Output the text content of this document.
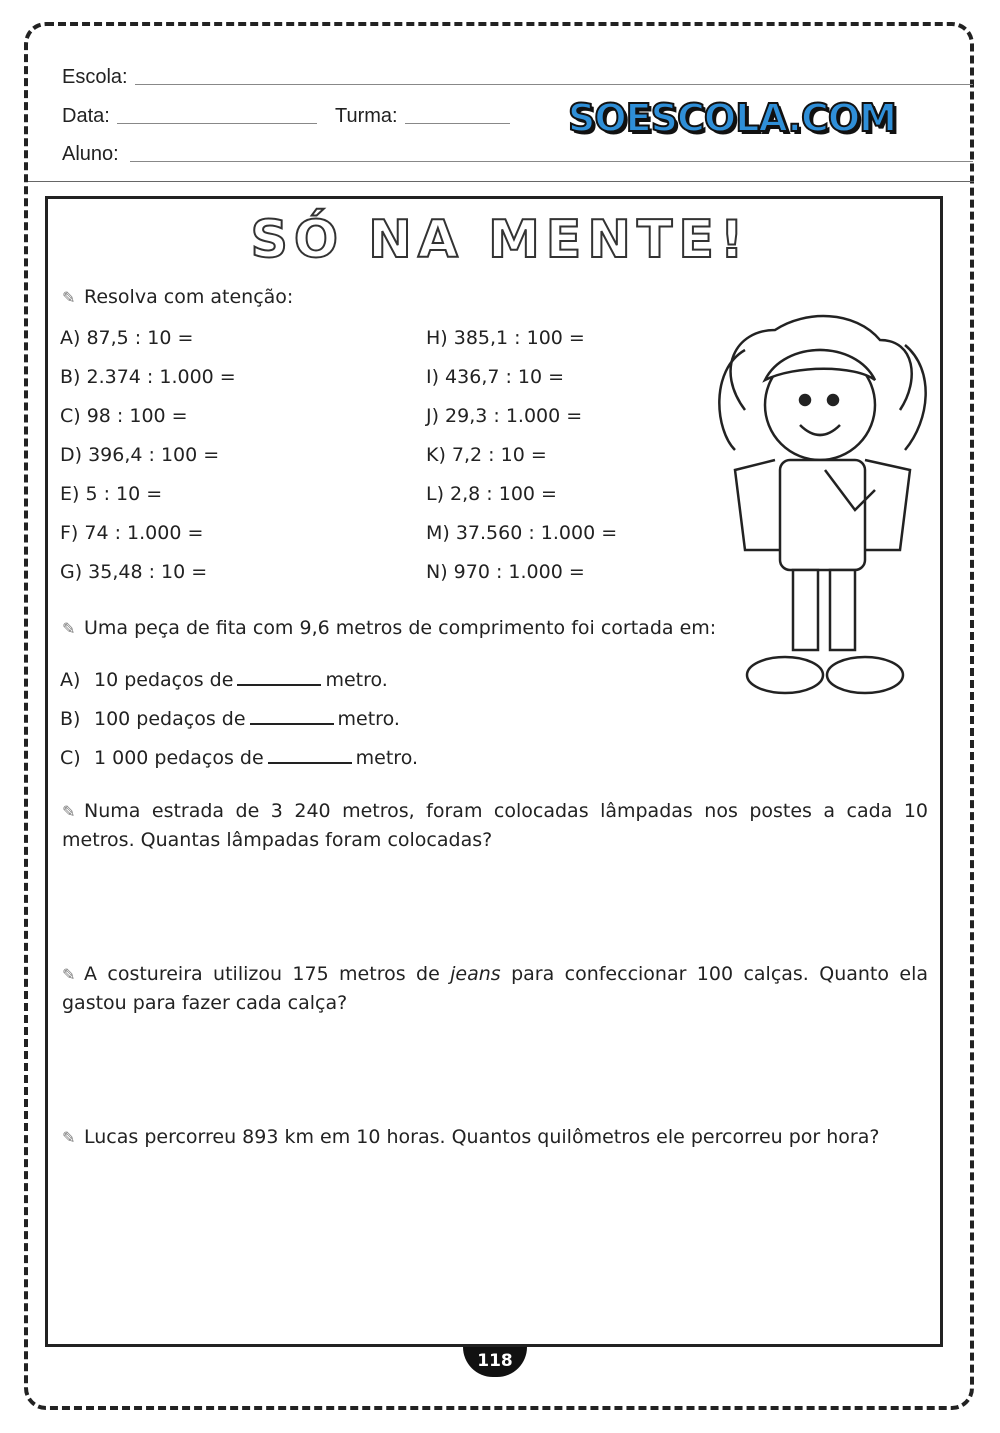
Escola:
Data:	Turma:
Aluno:
SOESCOLA.COM
SÓ NA MENTE!
✎ Resolva com atenção:
✎ Uma peça de fita com 9,6 metros de comprimento foi cortada em:
✎ Numa estrada de 3 240 metros, foram colocadas lâmpadas nos postes a cada 10 metros. Quantas lâmpadas foram colocadas?
✎ A costureira utilizou 175 metros de jeans para confeccionar 100 calças. Quanto ela gastou para fazer cada calça?
✎ Lucas percorreu 893 km em 10 horas. Quantos quilômetros ele percorreu por hora?
118
A) 87,5 : 10 =
B) 2.374 : 1.000 =
C) 98 : 100 =
D) 396,4 : 100 =
E) 5 : 10 =
F) 74 : 1.000 =
G) 35,48 : 10 =
H) 385,1 : 100 =
I) 436,7 : 10 =
J) 29,3 : 1.000 =
K) 7,2 : 10 =
L) 2,8 : 100 =
M) 37.560 : 1.000 =
N) 970 : 1.000 =
A) 10 pedaços de	metro.
B) 100 pedaços de	metro.
C) 1 000 pedaços de	metro.
